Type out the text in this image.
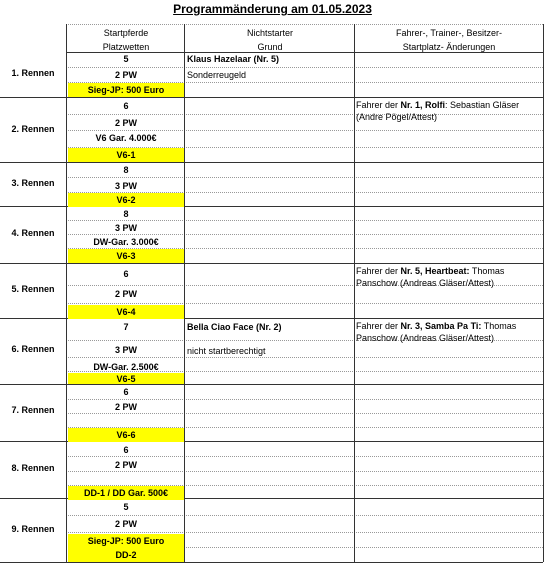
Programmänderung am 01.05.2023
Startpferde
Platzwetten
Nichtstarter
Grund
Fahrer-, Trainer-, Besitzer-
Startplatz- Änderungen
1. Rennen
5
2 PW
Sieg-JP: 500 Euro
Klaus Hazelaar (Nr. 5)
Sonderreugeld
2. Rennen
6
2 PW
V6 Gar. 4.000€
V6-1
Fahrer der Nr. 1, Rolfi: Sebastian Gläser (Andre Pögel/Attest)
3. Rennen
8
3 PW
V6-2
4. Rennen
8
3 PW
DW-Gar. 3.000€
V6-3
5. Rennen
6
2 PW
V6-4
Fahrer der Nr. 5, Heartbeat: Thomas Panschow (Andreas Gläser/Attest)
6. Rennen
7
3 PW
DW-Gar. 2.500€
V6-5
Bella Ciao Face (Nr. 2)
nicht startberechtigt
Fahrer der Nr. 3, Samba Pa Ti: Thomas Panschow (Andreas Gläser/Attest)
7. Rennen
6
2 PW
V6-6
8. Rennen
6
2 PW
DD-1 / DD Gar. 500€
9. Rennen
5
2 PW
Sieg-JP: 500 Euro
DD-2
